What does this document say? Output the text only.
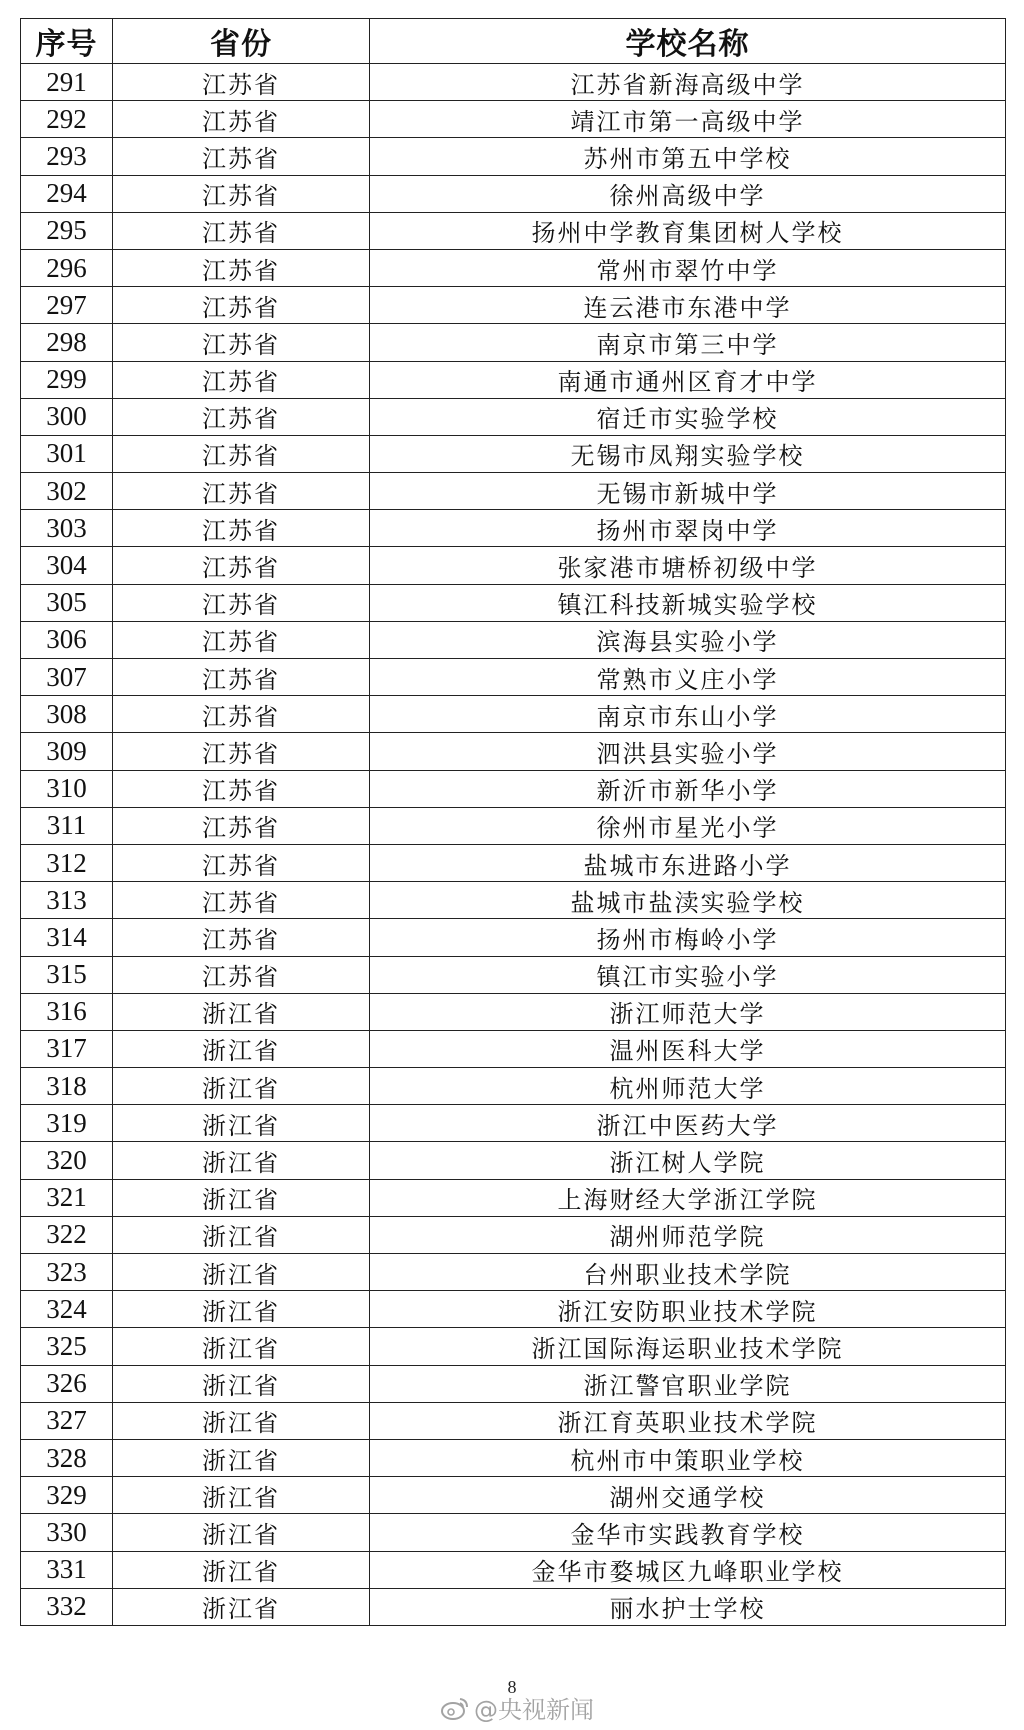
序号	省份	学校名称
291	江苏省	江苏省新海高级中学
292	江苏省	靖江市第一高级中学
293	江苏省	苏州市第五中学校
294	江苏省	徐州高级中学
295	江苏省	扬州中学教育集团树人学校
296	江苏省	常州市翠竹中学
297	江苏省	连云港市东港中学
298	江苏省	南京市第三中学
299	江苏省	南通市通州区育才中学
300	江苏省	宿迁市实验学校
301	江苏省	无锡市凤翔实验学校
302	江苏省	无锡市新城中学
303	江苏省	扬州市翠岗中学
304	江苏省	张家港市塘桥初级中学
305	江苏省	镇江科技新城实验学校
306	江苏省	滨海县实验小学
307	江苏省	常熟市义庄小学
308	江苏省	南京市东山小学
309	江苏省	泗洪县实验小学
310	江苏省	新沂市新华小学
311	江苏省	徐州市星光小学
312	江苏省	盐城市东进路小学
313	江苏省	盐城市盐渎实验学校
314	江苏省	扬州市梅岭小学
315	江苏省	镇江市实验小学
316	浙江省	浙江师范大学
317	浙江省	温州医科大学
318	浙江省	杭州师范大学
319	浙江省	浙江中医药大学
320	浙江省	浙江树人学院
321	浙江省	上海财经大学浙江学院
322	浙江省	湖州师范学院
323	浙江省	台州职业技术学院
324	浙江省	浙江安防职业技术学院
325	浙江省	浙江国际海运职业技术学院
326	浙江省	浙江警官职业学院
327	浙江省	浙江育英职业技术学院
328	浙江省	杭州市中策职业学校
329	浙江省	湖州交通学校
330	浙江省	金华市实践教育学校
331	浙江省	金华市婺城区九峰职业学校
332	浙江省	丽水护士学校
8
@央视新闻
